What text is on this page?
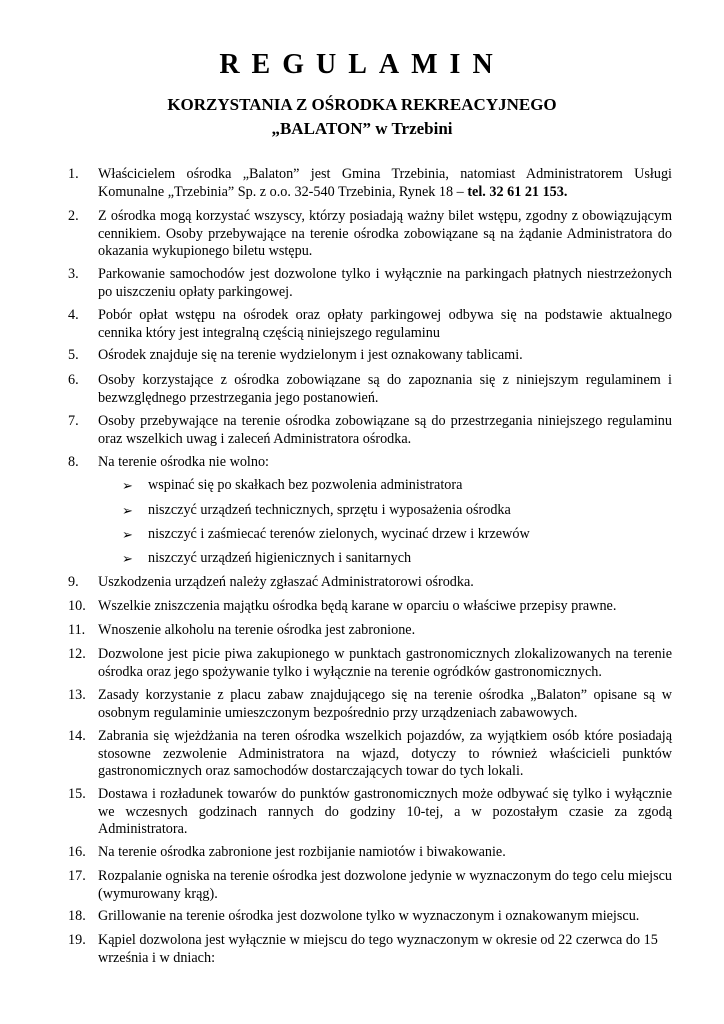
REGULAMIN
KORZYSTANIA Z OŚRODKA REKREACYJNEGO
„BALATON” w Trzebini
1.	Właścicielem ośrodka „Balaton” jest Gmina Trzebinia, natomiast Administratorem Usługi Komunalne „Trzebinia” Sp. z o.o. 32-540 Trzebinia, Rynek 18 – tel. 32 61 21 153.
2.	Z ośrodka mogą korzystać wszyscy, którzy posiadają ważny bilet wstępu, zgodny z obowiązującym cennikiem. Osoby przebywające na terenie ośrodka zobowiązane są na żądanie Administratora do okazania wykupionego biletu wstępu.
3.	Parkowanie samochodów jest dozwolone tylko i wyłącznie na parkingach płatnych niestrzeżonych po uiszczeniu opłaty parkingowej.
4.	Pobór opłat wstępu na ośrodek oraz opłaty parkingowej odbywa się na podstawie aktualnego cennika który jest integralną częścią niniejszego regulaminu
5.	Ośrodek znajduje się na terenie wydzielonym i jest oznakowany tablicami.
6.	Osoby korzystające z ośrodka zobowiązane są do zapoznania się z niniejszym regulaminem i bezwzględnego przestrzegania jego postanowień.
7.	Osoby przebywające na terenie ośrodka zobowiązane są do przestrzegania niniejszego regulaminu oraz wszelkich uwag i zaleceń Administratora ośrodka.
8.	Na terenie ośrodka nie wolno:
➢ wspinać się po skałkach bez pozwolenia administratora
➢ niszczyć urządzeń technicznych, sprzętu i wyposażenia ośrodka
➢ niszczyć i zaśmiecać terenów zielonych, wycinać drzew i krzewów
➢ niszczyć urządzeń higienicznych i sanitarnych
9.	Uszkodzenia urządzeń należy zgłaszać Administratorowi ośrodka.
10. Wszelkie zniszczenia majątku ośrodka będą karane w oparciu o właściwe przepisy prawne.
11. Wnoszenie alkoholu na terenie ośrodka jest zabronione.
12. Dozwolone jest picie piwa zakupionego w punktach gastronomicznych zlokalizowanych na terenie ośrodka oraz jego spożywanie tylko i wyłącznie na terenie ogródków gastronomicznych.
13. Zasady korzystanie z placu zabaw znajdującego się na terenie ośrodka „Balaton” opisane są w osobnym regulaminie umieszczonym bezpośrednio przy urządzeniach zabawowych.
14. Zabrania się wjeżdżania na teren ośrodka wszelkich pojazdów, za wyjątkiem osób które posiadają stosowne zezwolenie Administratora na wjazd, dotyczy to również właścicieli punktów gastronomicznych oraz samochodów dostarczających towar do tych lokali.
15. Dostawa i rozładunek towarów do punktów gastronomicznych może odbywać się tylko i wyłącznie we wczesnych godzinach rannych do godziny 10-tej, a w pozostałym czasie za zgodą Administratora.
16. Na terenie ośrodka zabronione jest rozbijanie namiotów i biwakowanie.
17. Rozpalanie ogniska na terenie ośrodka jest dozwolone jedynie w wyznaczonym do tego celu miejscu (wymurowany krąg).
18. Grillowanie na terenie ośrodka jest dozwolone tylko w wyznaczonym i oznakowanym miejscu.
19. Kąpiel dozwolona jest wyłącznie w miejscu do tego wyznaczonym w okresie od 22 czerwca do 15 września i w dniach:
